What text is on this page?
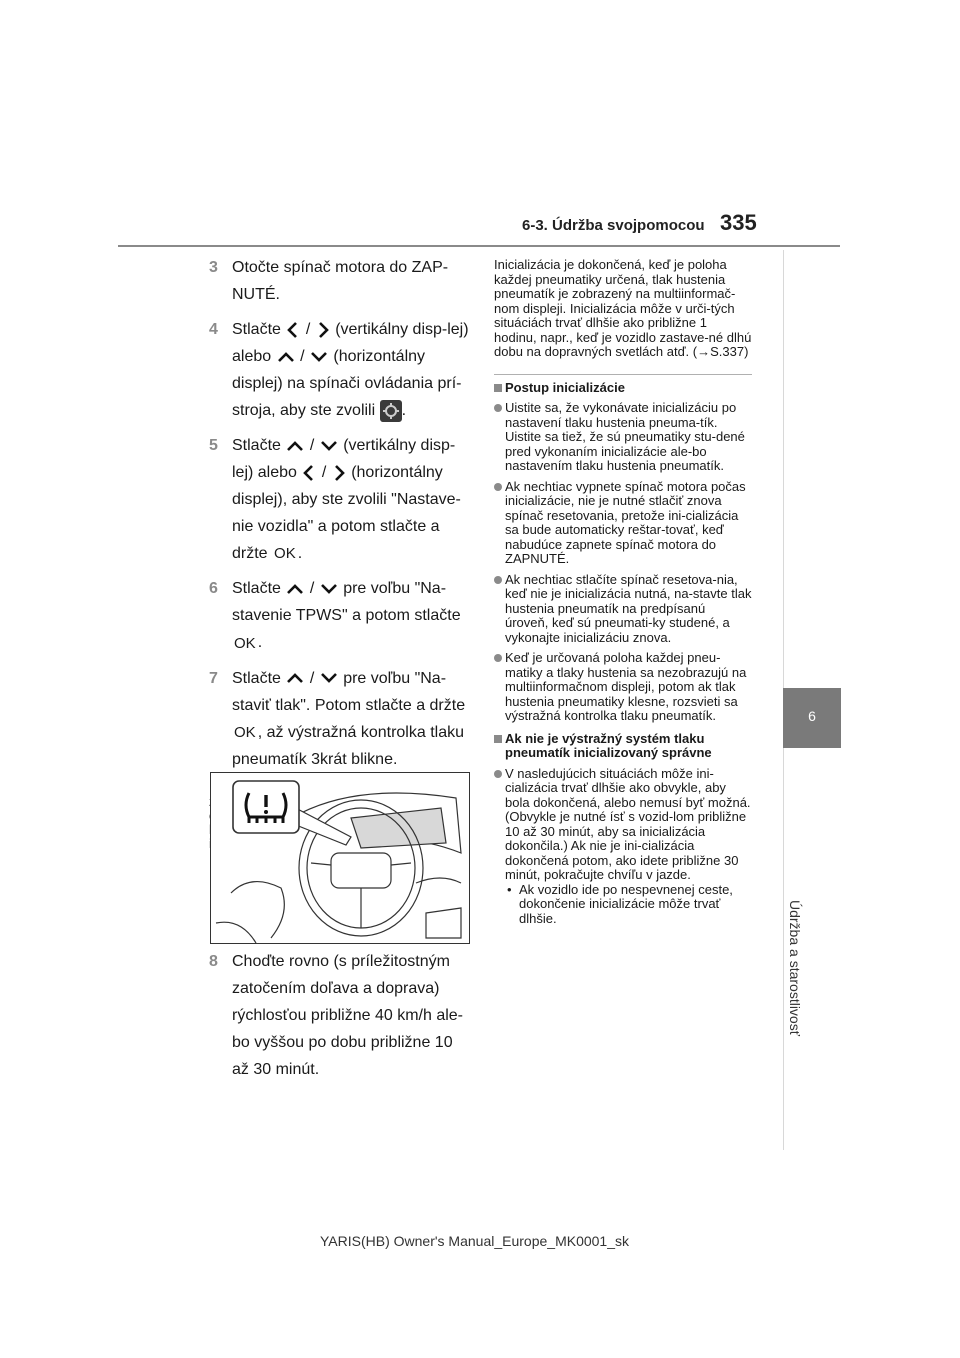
6-3. Údržba svojpomocou 335
6
Údržba a starostlivosť
3 Otočte spínač motora do ZAP-NUTÉ.
4 Stlačte / (vertikálny disp-lej) alebo / (horizontálny displej) na spínači ovládania prí-stroja, aby ste zvolili .
5 Stlačte / (vertikálny disp-lej) alebo / (horizontálny displej), aby ste zvolili "Nastave-nie vozidla" a potom stlačte a držte OK .
6 Stlačte / pre voľbu "Na-stavenie TPWS" a potom stlačte OK .
7 Stlačte / pre voľbu "Na-staviť tlak". Potom stlačte a držte OK , až výstražná kontrolka tlaku pneumatík 3krát blikne.

8 Choďte rovno (s príležitostným zatočením doľava a doprava) rýchlosťou približne 40 km/h ale-bo vyššou po dobu približne 10 až 30 minút.

Inicializácia je dokončená, keď je poloha každej pneumatiky určená, tlak hustenia pneumatík je zobrazený na multiinformač-nom displeji. Inicializácia môže v urči-tých situáciách trvať dlhšie ako približne 1 hodinu, napr., keď je vozidlo zastave-né dlhú dobu na dopravných svetlách atď. (→S.337)

Postup inicializácie

Uistite sa, že vykonávate inicializáciu po nastavení tlaku hustenia pneuma-tík.

Uistite sa tiež, že sú pneumatiky stu-dené pred vykonaním inicializácie ale-bo nastavením tlaku hustenia pneumatík.

Ak nechtiac vypnete spínač motora počas inicializácie, nie je nutné stlačiť znova spínač resetovania, pretože ini-cializácia sa bude automaticky reštar-tovať, keď nabudúce zapnete spínač motora do ZAPNUTÉ.

Ak nechtiac stlačíte spínač resetova-nia, keď nie je inicializácia nutná, na-stavte tlak hustenia pneumatík na predpísanú úroveň, keď sú pneumati-ky studené, a vykonajte inicializáciu znova.

Keď je určovaná poloha každej pneu-matiky a tlaky hustenia sa nezobrazujú na multiinformačnom displeji, potom ak tlak hustenia pneumatiky klesne, rozsvieti sa výstražná kontrolka tlaku pneumatík.

Ak nie je výstražný systém tlaku pneumatík inicializovaný správne

V nasledujúcich situáciách môže ini-cializácia trvať dlhšie ako obvykle, aby bola dokončená, alebo nemusí byť možná. (Obvykle je nutné ísť s vozid-lom približne 10 až 30 minút, aby sa inicializácia dokončila.) Ak nie je ini-cializácia dokončená potom, ako idete približne 30 minút, pokračujte chvíľu v jazde.

• Ak vozidlo ide po nespevnenej ceste, dokončenie inicializácie môže trvať dlhšie.

YARIS(HB) Owner's Manual_Europe_MK0001_sk
